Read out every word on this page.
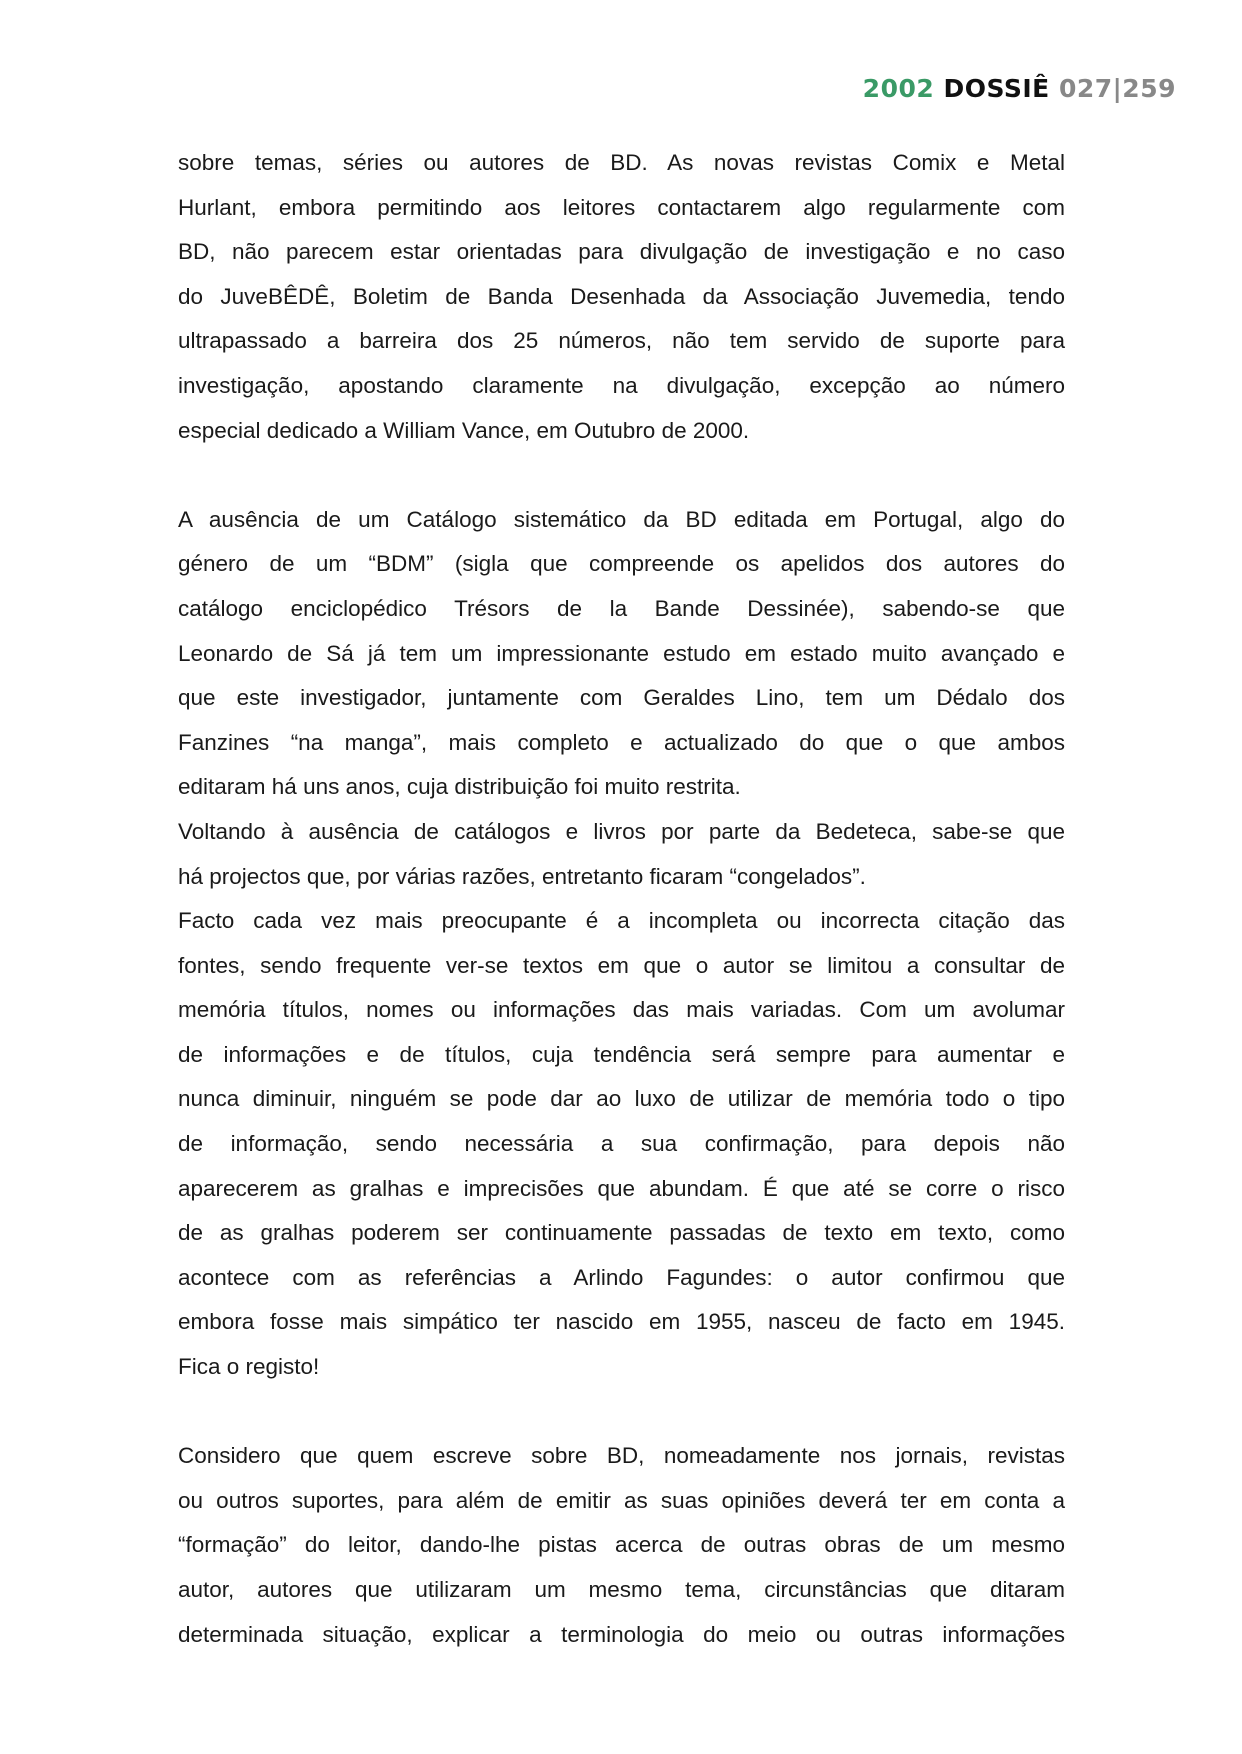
2002 DOSSIÊ 027|259
sobre temas, séries ou autores de BD. As novas revistas Comix e Metal
Hurlant, embora permitindo aos leitores contactarem algo regularmente com
BD, não parecem estar orientadas para divulgação de investigação e no caso
do JuveBÊDÊ, Boletim de Banda Desenhada da Associação Juvemedia, tendo
ultrapassado a barreira dos 25 números, não tem servido de suporte para
investigação, apostando claramente na divulgação, excepção ao número
especial dedicado a William Vance, em Outubro de 2000.
A ausência de um Catálogo sistemático da BD editada em Portugal, algo do
género de um “BDM” (sigla que compreende os apelidos dos autores do
catálogo enciclopédico Trésors de la Bande Dessinée), sabendo-se que
Leonardo de Sá já tem um impressionante estudo em estado muito avançado e
que este investigador, juntamente com Geraldes Lino, tem um Dédalo dos
Fanzines “na manga”, mais completo e actualizado do que o que ambos
editaram há uns anos, cuja distribuição foi muito restrita.
Voltando à ausência de catálogos e livros por parte da Bedeteca, sabe-se que
há projectos que, por várias razões, entretanto ficaram “congelados”.
Facto cada vez mais preocupante é a incompleta ou incorrecta citação das
fontes, sendo frequente ver-se textos em que o autor se limitou a consultar de
memória títulos, nomes ou informações das mais variadas. Com um avolumar
de informações e de títulos, cuja tendência será sempre para aumentar e
nunca diminuir, ninguém se pode dar ao luxo de utilizar de memória todo o tipo
de informação, sendo necessária a sua confirmação, para depois não
aparecerem as gralhas e imprecisões que abundam. É que até se corre o risco
de as gralhas poderem ser continuamente passadas de texto em texto, como
acontece com as referências a Arlindo Fagundes: o autor confirmou que
embora fosse mais simpático ter nascido em 1955, nasceu de facto em 1945.
Fica o registo!
Considero que quem escreve sobre BD, nomeadamente nos jornais, revistas
ou outros suportes, para além de emitir as suas opiniões deverá ter em conta a
“formação” do leitor, dando-lhe pistas acerca de outras obras de um mesmo
autor, autores que utilizaram um mesmo tema, circunstâncias que ditaram
determinada situação, explicar a terminologia do meio ou outras informações
